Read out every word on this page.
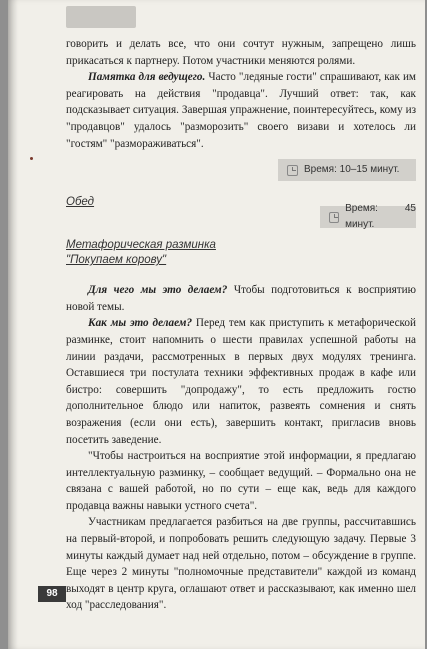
говорить и делать все, что они сочтут нужным, запрещено лишь прикасаться к партнеру. Потом участники меняются ролями.

Памятка для ведущего. Часто "ледяные гости" спрашивают, как им реагировать на действия "продавца". Лучший ответ: так, как подсказывает ситуация. Завершая упражнение, поинтересуйтесь, кому из "продавцов" удалось "разморозить" своего визави и хотелось ли "гостям" "размораживаться".

Время: 10–15 минут.

Обед	Время: 45 минут.

Метафорическая разминка

"Покупаем корову"

Для чего мы это делаем? Чтобы подготовиться к восприятию новой темы.

Как мы это делаем? Перед тем как приступить к метафорической разминке, стоит напомнить о шести правилах успешной работы на линии раздачи, рассмотренных в первых двух модулях тренинга. Оставшиеся три постулата техники эффективных продаж в кафе или бистро: совершить "допродажу", то есть предложить гостю дополнительное блюдо или напиток, развеять сомнения и снять возражения (если они есть), завершить контакт, пригласив вновь посетить заведение.

"Чтобы настроиться на восприятие этой информации, я предлагаю интеллектуальную разминку, – сообщает ведущий. – Формально она не связана с вашей работой, но по сути – еще как, ведь для каждого продавца важны навыки устного счета".

Участникам предлагается разбиться на две группы, рассчитавшись на первый-второй, и попробовать решить следующую задачу. Первые 3 минуты каждый думает над ней отдельно, потом – обсуждение в группе. Еще через 2 минуты "полномочные представители" каждой из команд выходят в центр круга, оглашают ответ и рассказывают, как именно шел ход "расследования".

98
